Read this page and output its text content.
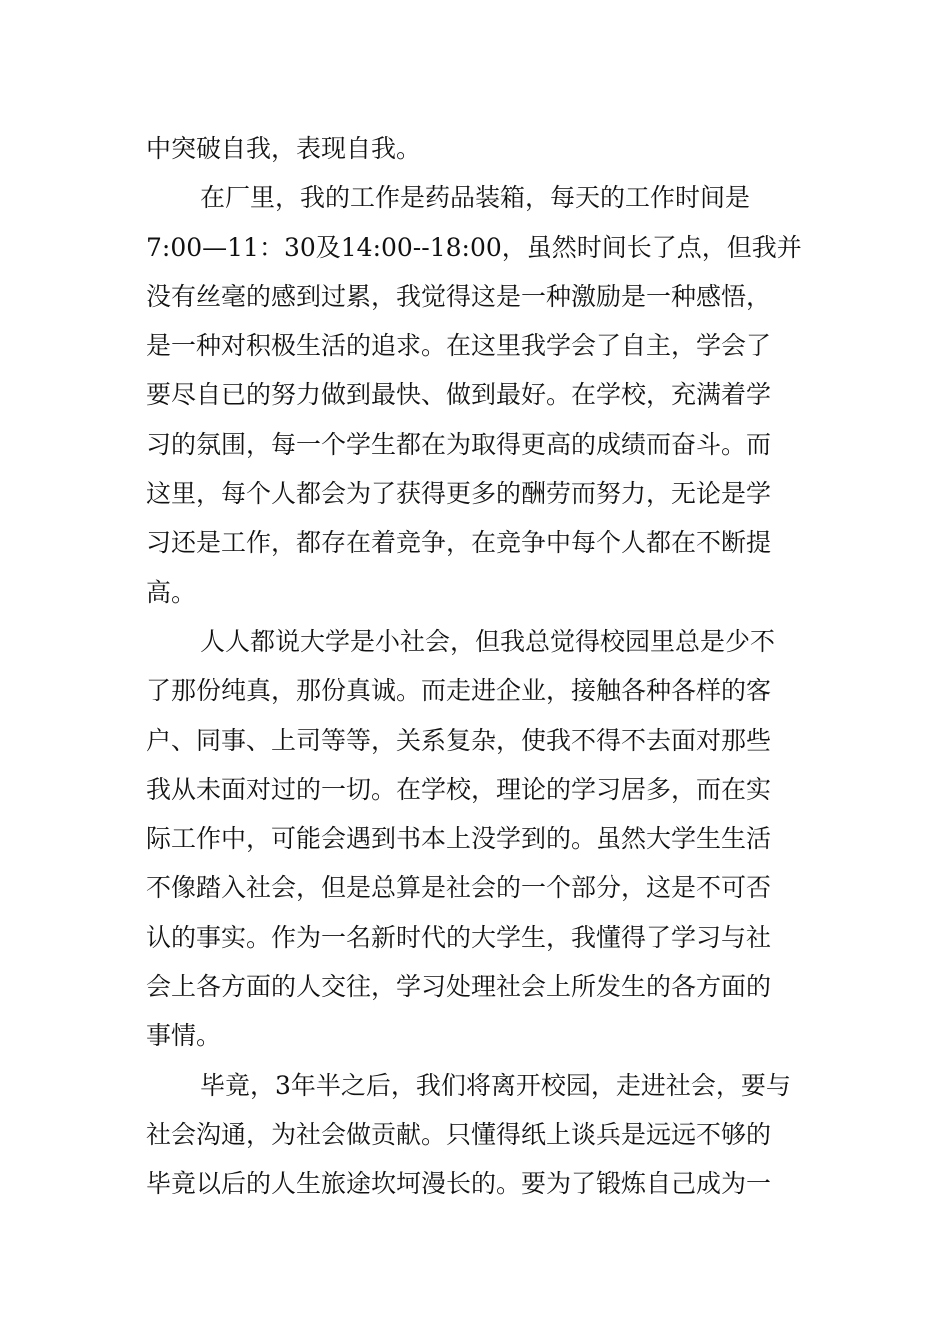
中突破自我，表现自我。
在厂里，我的工作是药品装箱，每天的工作时间是
7:00—11：30及14:00--18:00，虽然时间长了点，但我并
没有丝毫的感到过累，我觉得这是一种激励是一种感悟，
是一种对积极生活的追求。在这里我学会了自主，学会了
要尽自已的努力做到最快、做到最好。在学校，充满着学
习的氛围，每一个学生都在为取得更高的成绩而奋斗。而
这里，每个人都会为了获得更多的酬劳而努力，无论是学
习还是工作，都存在着竞争，在竞争中每个人都在不断提
高。
人人都说大学是小社会，但我总觉得校园里总是少不
了那份纯真，那份真诚。而走进企业，接触各种各样的客
户、同事、上司等等，关系复杂，使我不得不去面对那些
我从未面对过的一切。在学校，理论的学习居多，而在实
际工作中，可能会遇到书本上没学到的。虽然大学生生活
不像踏入社会，但是总算是社会的一个部分，这是不可否
认的事实。作为一名新时代的大学生，我懂得了学习与社
会上各方面的人交往，学习处理社会上所发生的各方面的
事情。
毕竟，3年半之后，我们将离开校园，走进社会，要与
社会沟通，为社会做贡献。只懂得纸上谈兵是远远不够的
毕竟以后的人生旅途坎坷漫长的。要为了锻炼自己成为一
